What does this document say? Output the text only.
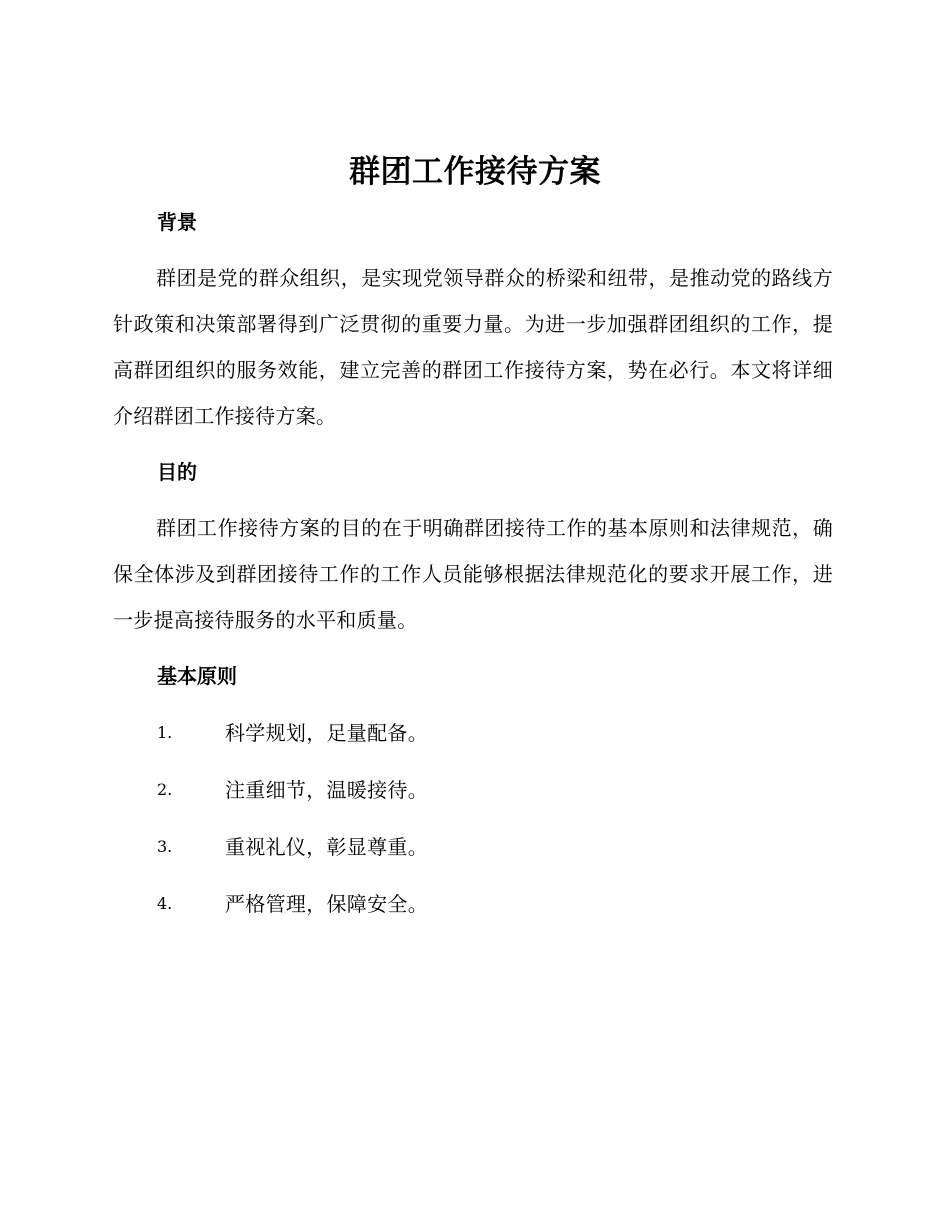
群团工作接待方案
背景

群团是党的群众组织，是实现党领导群众的桥梁和纽带，是推动党的路线方针政策和决策部署得到广泛贯彻的重要力量。为进一步加强群团组织的工作，提高群团组织的服务效能，建立完善的群团工作接待方案，势在必行。本文将详细介绍群团工作接待方案。

目的

群团工作接待方案的目的在于明确群团接待工作的基本原则和法律规范，确保全体涉及到群团接待工作的工作人员能够根据法律规范化的要求开展工作，进一步提高接待服务的水平和质量。

基本原则
1.	科学规划，足量配备。
2.	注重细节，温暖接待。
3.	重视礼仪，彰显尊重。
4.	严格管理，保障安全。
